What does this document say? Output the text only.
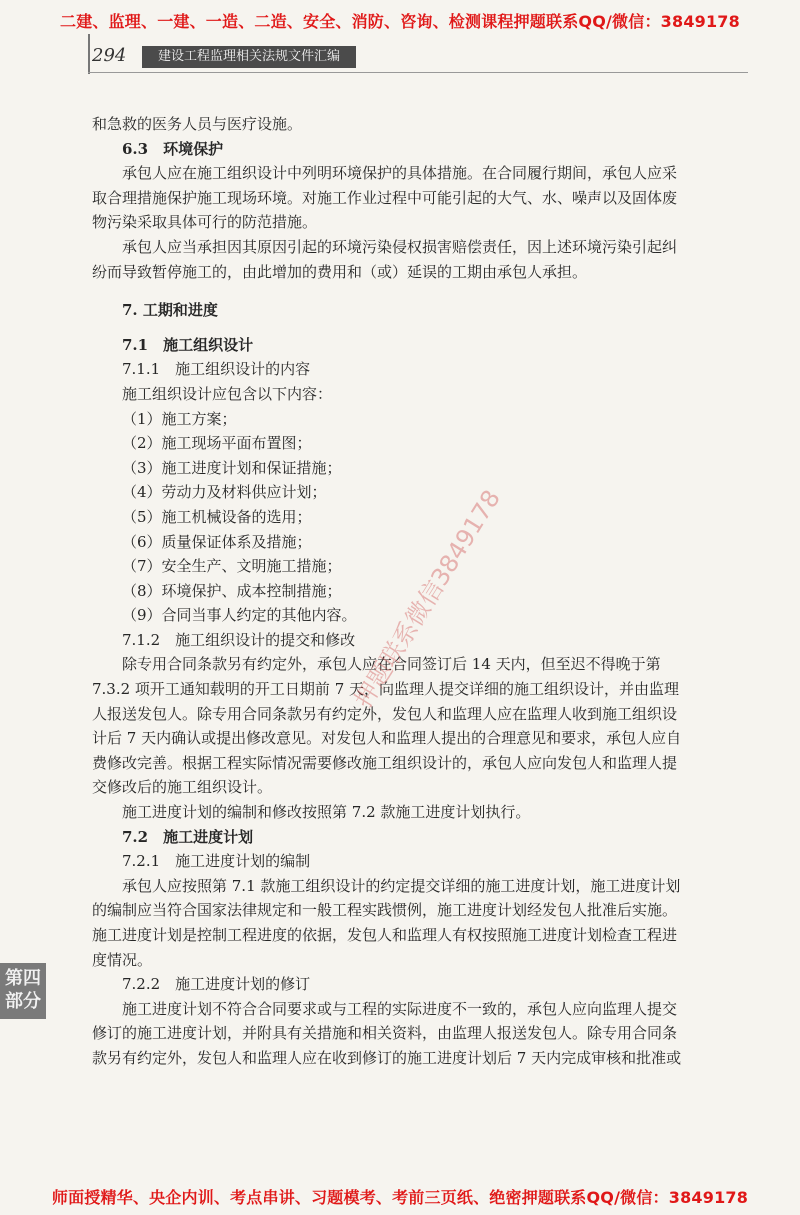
二建、监理、一建、一造、二造、安全、消防、咨询、检测课程押题联系QQ/微信：3849178
294	建设工程监理相关法规文件汇编

和急救的医务人员与医疗设施。

6.3　环境保护

承包人应在施工组织设计中列明环境保护的具体措施。在合同履行期间，承包人应采

取合理措施保护施工现场环境。对施工作业过程中可能引起的大气、水、噪声以及固体废

物污染采取具体可行的防范措施。

承包人应当承担因其原因引起的环境污染侵权损害赔偿责任，因上述环境污染引起纠

纷而导致暂停施工的，由此增加的费用和（或）延误的工期由承包人承担。

7. 工期和进度

7.1　施工组织设计

7.1.1　施工组织设计的内容

施工组织设计应包含以下内容：

（1）施工方案；

（2）施工现场平面布置图；

（3）施工进度计划和保证措施；

（4）劳动力及材料供应计划；

（5）施工机械设备的选用；

（6）质量保证体系及措施；

（7）安全生产、文明施工措施；

（8）环境保护、成本控制措施；

（9）合同当事人约定的其他内容。

7.1.2　施工组织设计的提交和修改

除专用合同条款另有约定外，承包人应在合同签订后 14 天内，但至迟不得晚于第

7.3.2 项开工通知载明的开工日期前 7 天，向监理人提交详细的施工组织设计，并由监理

人报送发包人。除专用合同条款另有约定外，发包人和监理人应在监理人收到施工组织设

计后 7 天内确认或提出修改意见。对发包人和监理人提出的合理意见和要求，承包人应自

费修改完善。根据工程实际情况需要修改施工组织设计的，承包人应向发包人和监理人提

交修改后的施工组织设计。

施工进度计划的编制和修改按照第 7.2 款施工进度计划执行。

7.2　施工进度计划

7.2.1　施工进度计划的编制

承包人应按照第 7.1 款施工组织设计的约定提交详细的施工进度计划，施工进度计划

的编制应当符合国家法律规定和一般工程实践惯例，施工进度计划经发包人批准后实施。

施工进度计划是控制工程进度的依据，发包人和监理人有权按照施工进度计划检查工程进

度情况。

7.2.2　施工进度计划的修订

施工进度计划不符合合同要求或与工程的实际进度不一致的，承包人应向监理人提交

修订的施工进度计划，并附具有关措施和相关资料，由监理人报送发包人。除专用合同条

款另有约定外，发包人和监理人应在收到修订的施工进度计划后 7 天内完成审核和批准或

第四
部分
押题联系微信3849178
师面授精华、央企内训、考点串讲、习题模考、考前三页纸、绝密押题联系QQ/微信：3849178
